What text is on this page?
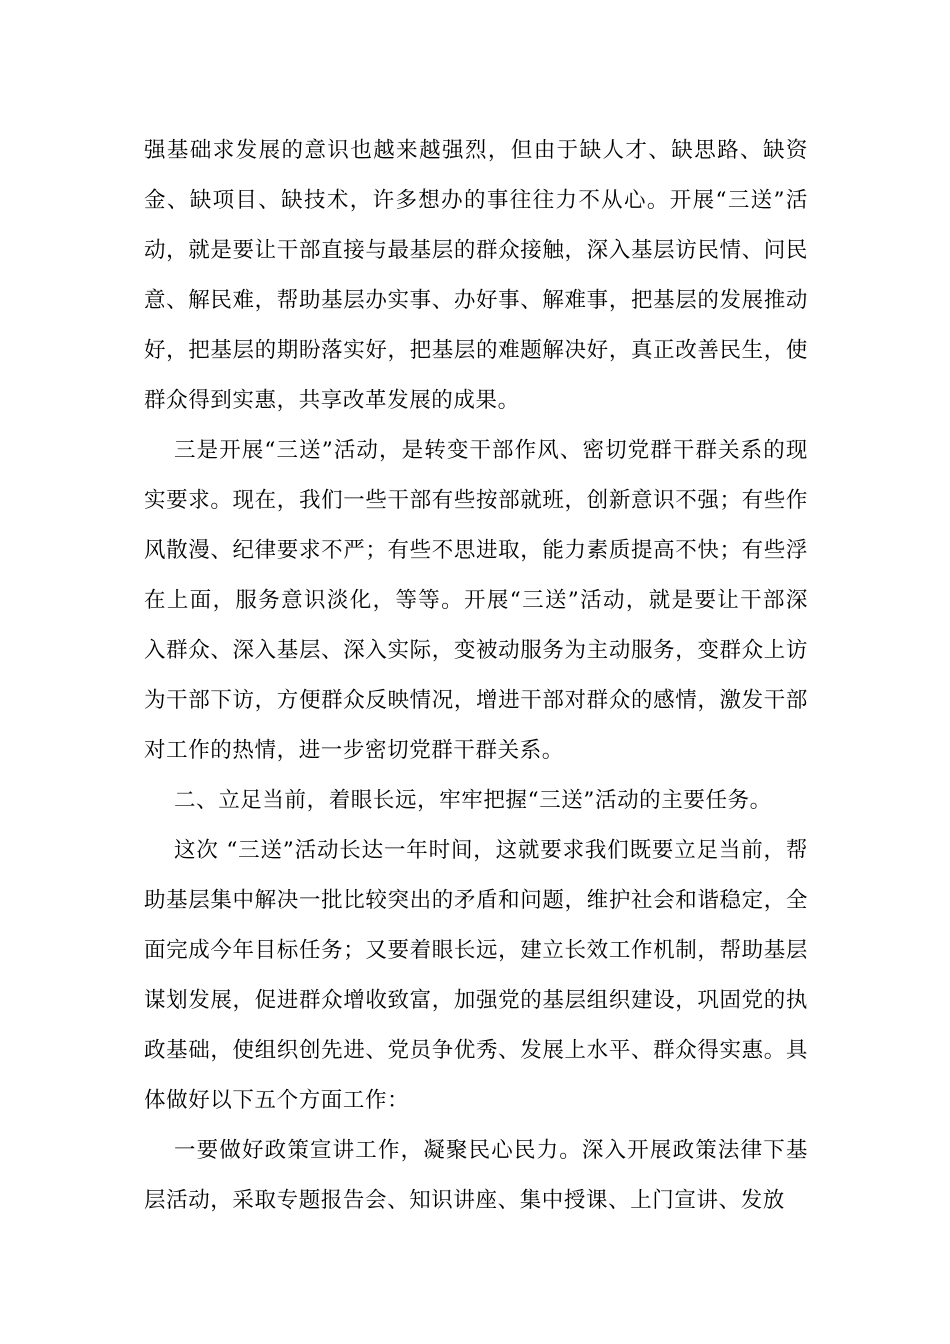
强基础求发展的意识也越来越强烈，但由于缺人才、缺思路、缺资金、缺项目、缺技术，许多想办的事往往力不从心。开展“三送”活动，就是要让干部直接与最基层的群众接触，深入基层访民情、问民意、解民难，帮助基层办实事、办好事、解难事，把基层的发展推动好，把基层的期盼落实好，把基层的难题解决好，真正改善民生，使群众得到实惠，共享改革发展的成果。

三是开展“三送”活动，是转变干部作风、密切党群干群关系的现实要求。现在，我们一些干部有些按部就班，创新意识不强；有些作风散漫、纪律要求不严；有些不思进取，能力素质提高不快；有些浮在上面，服务意识淡化，等等。开展“三送”活动，就是要让干部深入群众、深入基层、深入实际，变被动服务为主动服务，变群众上访为干部下访，方便群众反映情况，增进干部对群众的感情，激发干部对工作的热情，进一步密切党群干群关系。

二、立足当前，着眼长远，牢牢把握“三送”活动的主要任务。

这次 “三送”活动长达一年时间，这就要求我们既要立足当前，帮助基层集中解决一批比较突出的矛盾和问题，维护社会和谐稳定，全面完成今年目标任务；又要着眼长远，建立长效工作机制，帮助基层谋划发展，促进群众增收致富，加强党的基层组织建设，巩固党的执政基础，使组织创先进、党员争优秀、发展上水平、群众得实惠。具体做好以下五个方面工作：

一要做好政策宣讲工作，凝聚民心民力。深入开展政策法律下基层活动，采取专题报告会、知识讲座、集中授课、上门宣讲、发放
